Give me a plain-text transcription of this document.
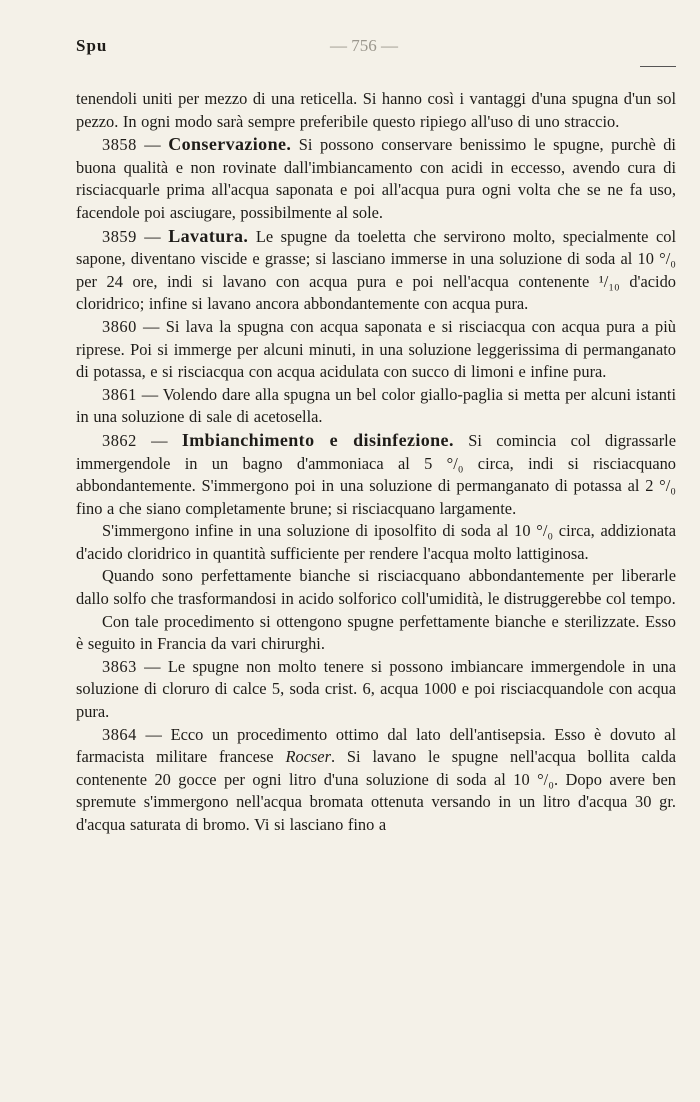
Spu	— 756 —

tenendoli uniti per mezzo di una reticella. Si hanno così i vantaggi d'una spugna d'un sol pezzo. In ogni modo sarà sempre preferibile questo ripiego all'uso di uno straccio.

3858 — Conservazione. Si possono conservare benissimo le spugne, purchè di buona qualità e non rovinate dall'imbiancamento con acidi in eccesso, avendo cura di risciacquarle prima all'acqua saponata e poi all'acqua pura ogni volta che se ne fa uso, facendole poi asciugare, possibilmente al sole.

3859 — Lavatura. Le spugne da toeletta che servirono molto, specialmente col sapone, diventano viscide e grasse; si lasciano immerse in una soluzione di soda al 10 °/₀ per 24 ore, indi si lavano con acqua pura e poi nell'acqua contenente ¹/₁₀ d'acido cloridrico; infine si lavano ancora abbondantemente con acqua pura.

3860 — Si lava la spugna con acqua saponata e si risciacqua con acqua pura a più riprese. Poi si immerge per alcuni minuti, in una soluzione leggerissima di permanganato di potassa, e si risciacqua con acqua acidulata con succo di limoni e infine pura.

3861 — Volendo dare alla spugna un bel color giallo-paglia si metta per alcuni istanti in una soluzione di sale di acetosella.

3862 — Imbianchimento e disinfezione. Si comincia col digrassarle immergendole in un bagno d'ammoniaca al 5 °/₀ circa, indi si risciacquano abbondantemente. S'immergono poi in una soluzione di permanganato di potassa al 2 °/₀ fino a che siano completamente brune; si risciacquano largamente.

S'immergono infine in una soluzione di iposolfito di soda al 10 °/₀ circa, addizionata d'acido cloridrico in quantità sufficiente per rendere l'acqua molto lattiginosa.

Quando sono perfettamente bianche si risciacquano abbondantemente per liberarle dallo solfo che trasformandosi in acido solforico coll'umidità, le distruggerebbe col tempo.

Con tale procedimento si ottengono spugne perfettamente bianche e sterilizzate. Esso è seguito in Francia da vari chirurghi.

3863 — Le spugne non molto tenere si possono imbiancare immergendole in una soluzione di cloruro di calce 5, soda crist. 6, acqua 1000 e poi risciacquandole con acqua pura.

3864 — Ecco un procedimento ottimo dal lato dell'antisepsia. Esso è dovuto al farmacista militare francese Rocser. Si lavano le spugne nell'acqua bollita calda contenente 20 gocce per ogni litro d'una soluzione di soda al 10 °/₀. Dopo avere ben spremute s'immergono nell'acqua bromata ottenuta versando in un litro d'acqua 30 gr. d'acqua saturata di bromo. Vi si lasciano fino a
